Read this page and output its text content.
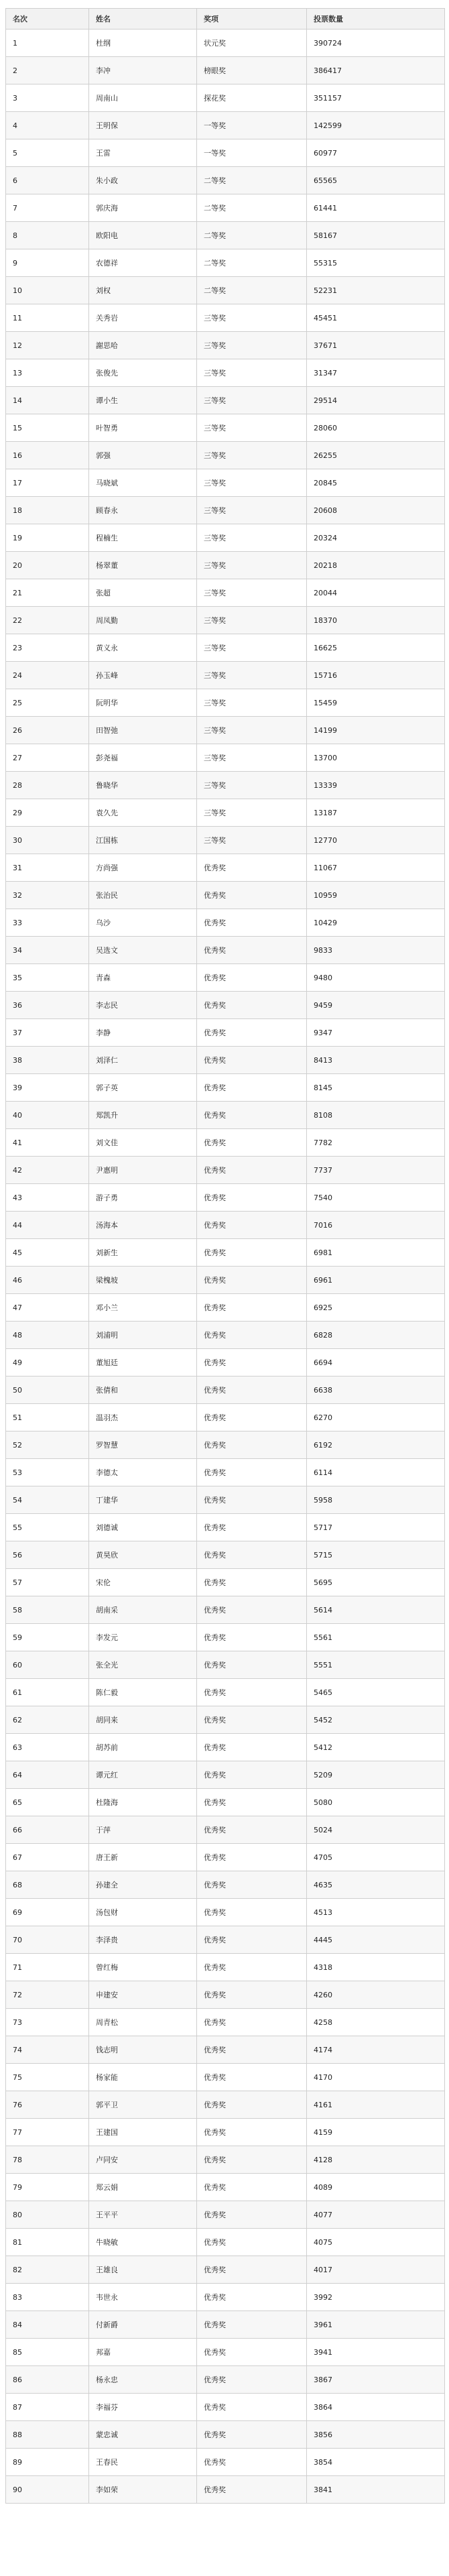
名次	姓名	奖项	投票数量
1	杜纲	状元奖	390724
2	李冲	榜眼奖	386417
3	周南山	探花奖	351157
4	王明保	一等奖	142599
5	王雷	一等奖	60977
6	朱小政	二等奖	65565
7	郭庆海	二等奖	61441
8	欧阳电	二等奖	58167
9	农德祥	二等奖	55315
10	刘权	二等奖	52231
11	关秀岩	三等奖	45451
12	謝思哈	三等奖	37671
13	张俊先	三等奖	31347
14	谭小生	三等奖	29514
15	叶智勇	三等奖	28060
16	郭强	三等奖	26255
17	马晓斌	三等奖	20845
18	顾春永	三等奖	20608
19	程楠生	三等奖	20324
20	杨翠董	三等奖	20218
21	张超	三等奖	20044
22	周凤勤	三等奖	18370
23	黄义永	三等奖	16625
24	孙玉峰	三等奖	15716
25	阮明华	三等奖	15459
26	田智弛	三等奖	14199
27	彭尧福	三等奖	13700
28	鲁晓华	三等奖	13339
29	袁久先	三等奖	13187
30	江国栋	三等奖	12770
31	方尚强	优秀奖	11067
32	张治民	优秀奖	10959
33	乌沙	优秀奖	10429
34	吴选文	优秀奖	9833
35	青森	优秀奖	9480
36	李志民	优秀奖	9459
37	李静	优秀奖	9347
38	刘泽仁	优秀奖	8413
39	郭子英	优秀奖	8145
40	郑凯升	优秀奖	8108
41	刘文佳	优秀奖	7782
42	尹惠明	优秀奖	7737
43	游子勇	优秀奖	7540
44	汤海本	优秀奖	7016
45	刘新生	优秀奖	6981
46	梁槐坡	优秀奖	6961
47	邓小兰	优秀奖	6925
48	刘浦明	优秀奖	6828
49	董旭廷	优秀奖	6694
50	张倩和	优秀奖	6638
51	温羽杰	优秀奖	6270
52	罗智慧	优秀奖	6192
53	李德太	优秀奖	6114
54	丁建华	优秀奖	5958
55	刘德诚	优秀奖	5717
56	黄昊欣	优秀奖	5715
57	宋伦	优秀奖	5695
58	胡南采	优秀奖	5614
59	李发元	优秀奖	5561
60	张全光	优秀奖	5551
61	陈仁毅	优秀奖	5465
62	胡同来	优秀奖	5452
63	胡苏前	优秀奖	5412
64	谭元红	优秀奖	5209
65	杜隆海	优秀奖	5080
66	于萍	优秀奖	5024
67	唐王新	优秀奖	4705
68	孙建全	优秀奖	4635
69	汤包财	优秀奖	4513
70	李泽贵	优秀奖	4445
71	曾红梅	优秀奖	4318
72	申建安	优秀奖	4260
73	周青松	优秀奖	4258
74	钱志明	优秀奖	4174
75	杨家能	优秀奖	4170
76	郭平卫	优秀奖	4161
77	王建国	优秀奖	4159
78	卢同安	优秀奖	4128
79	郑云娟	优秀奖	4089
80	王平平	优秀奖	4077
81	牛晓敏	优秀奖	4075
82	王雄良	优秀奖	4017
83	韦世永	优秀奖	3992
84	付新爵	优秀奖	3961
85	邦嘉	优秀奖	3941
86	杨永忠	优秀奖	3867
87	李福芬	优秀奖	3864
88	蒙忠诚	优秀奖	3856
89	王春民	优秀奖	3854
90	李如荣	优秀奖	3841
